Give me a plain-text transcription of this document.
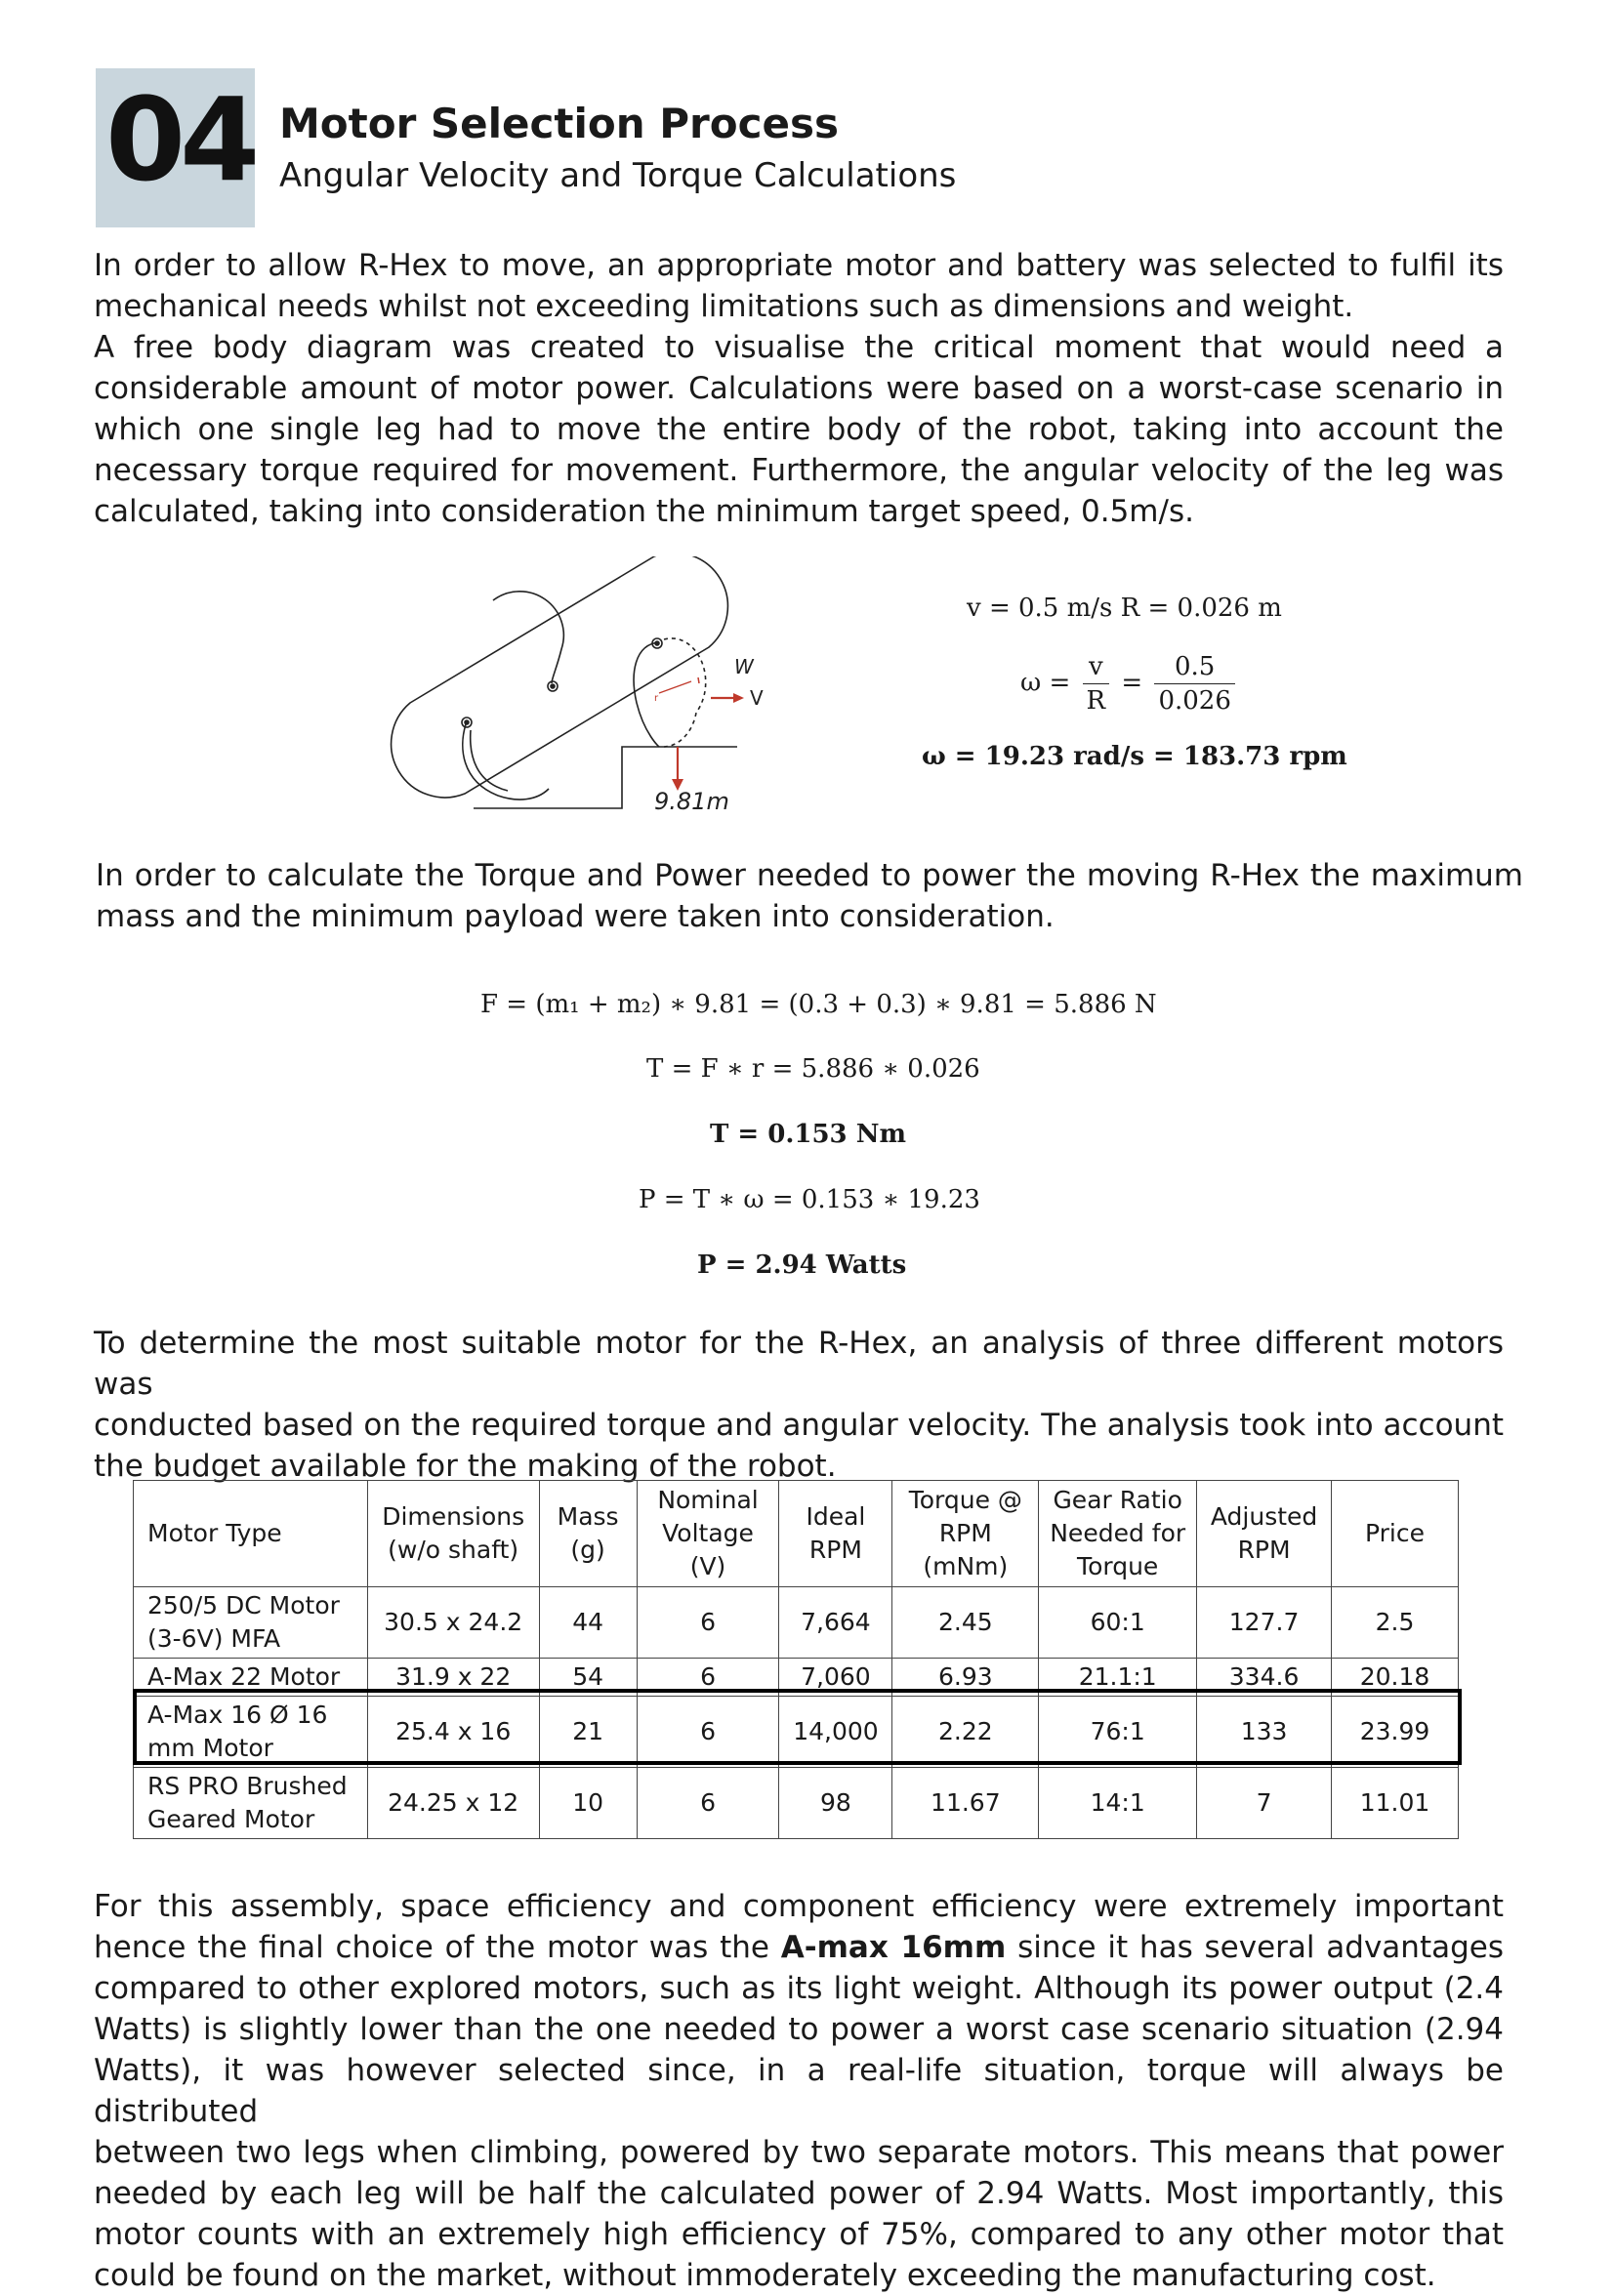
04 Motor Selection Process
Angular Velocity and Torque Calculations

In order to allow R-Hex to move, an appropriate motor and battery was selected to fulfil its
mechanical needs whilst not exceeding limitations such as dimensions and weight.
A free body diagram was created to visualise the critical moment that would need a
considerable amount of motor power. Calculations were based on a worst-case scenario in
which one single leg had to move the entire body of the robot, taking into account the
necessary torque required for movement. Furthermore, the angular velocity of the leg was
calculated, taking into consideration the minimum target speed, 0.5m/s.

r
W
V
9.81m
v = 0.5 m/s R = 0.026 m
$\omega = \frac{v}{R} = \frac{0.5}{0.026}$
ω = 19.23 rad/s = 183.73 rpm

In order to calculate the Torque and Power needed to power the moving R-Hex the maximum
mass and the minimum payload were taken into consideration.

F = (m₁ + m₂) ∗ 9.81 = (0.3 + 0.3) ∗ 9.81 = 5.886 N
T = F ∗ r = 5.886 ∗ 0.026
T = 0.153 Nm
P = T ∗ ω = 0.153 ∗ 19.23
P = 2.94 Watts

To determine the most suitable motor for the R-Hex, an analysis of three different motors was
conducted based on the required torque and angular velocity. The analysis took into account
the budget available for the making of the robot.

Motor Type	Dimensions (w/o shaft)	Mass (g)	Nominal Voltage (V)	Ideal RPM	Torque @ RPM (mNm)	Gear Ratio Needed for Torque	Adjusted RPM	Price
250/5 DC Motor (3-6V) MFA	30.5 x 24.2	44	6	7,664	2.45	60:1	127.7	2.5
A-Max 22 Motor	31.9 x 22	54	6	7,060	6.93	21.1:1	334.6	20.18
A-Max 16 Ø 16 mm Motor	25.4 x 16	21	6	14,000	2.22	76:1	133	23.99
RS PRO Brushed Geared Motor	24.25 x 12	10	6	98	11.67	14:1	7	11.01

For this assembly, space efficiency and component efficiency were extremely important
hence the final choice of the motor was the A-max 16mm since it has several advantages
compared to other explored motors, such as its light weight. Although its power output (2.4
Watts) is slightly lower than the one needed to power a worst case scenario situation (2.94
Watts), it was however selected since, in a real-life situation, torque will always be distributed
between two legs when climbing, powered by two separate motors. This means that power
needed by each leg will be half the calculated power of 2.94 Watts. Most importantly, this
motor counts with an extremely high efficiency of 75%, compared to any other motor that
could be found on the market, without immoderately exceeding the manufacturing cost.
